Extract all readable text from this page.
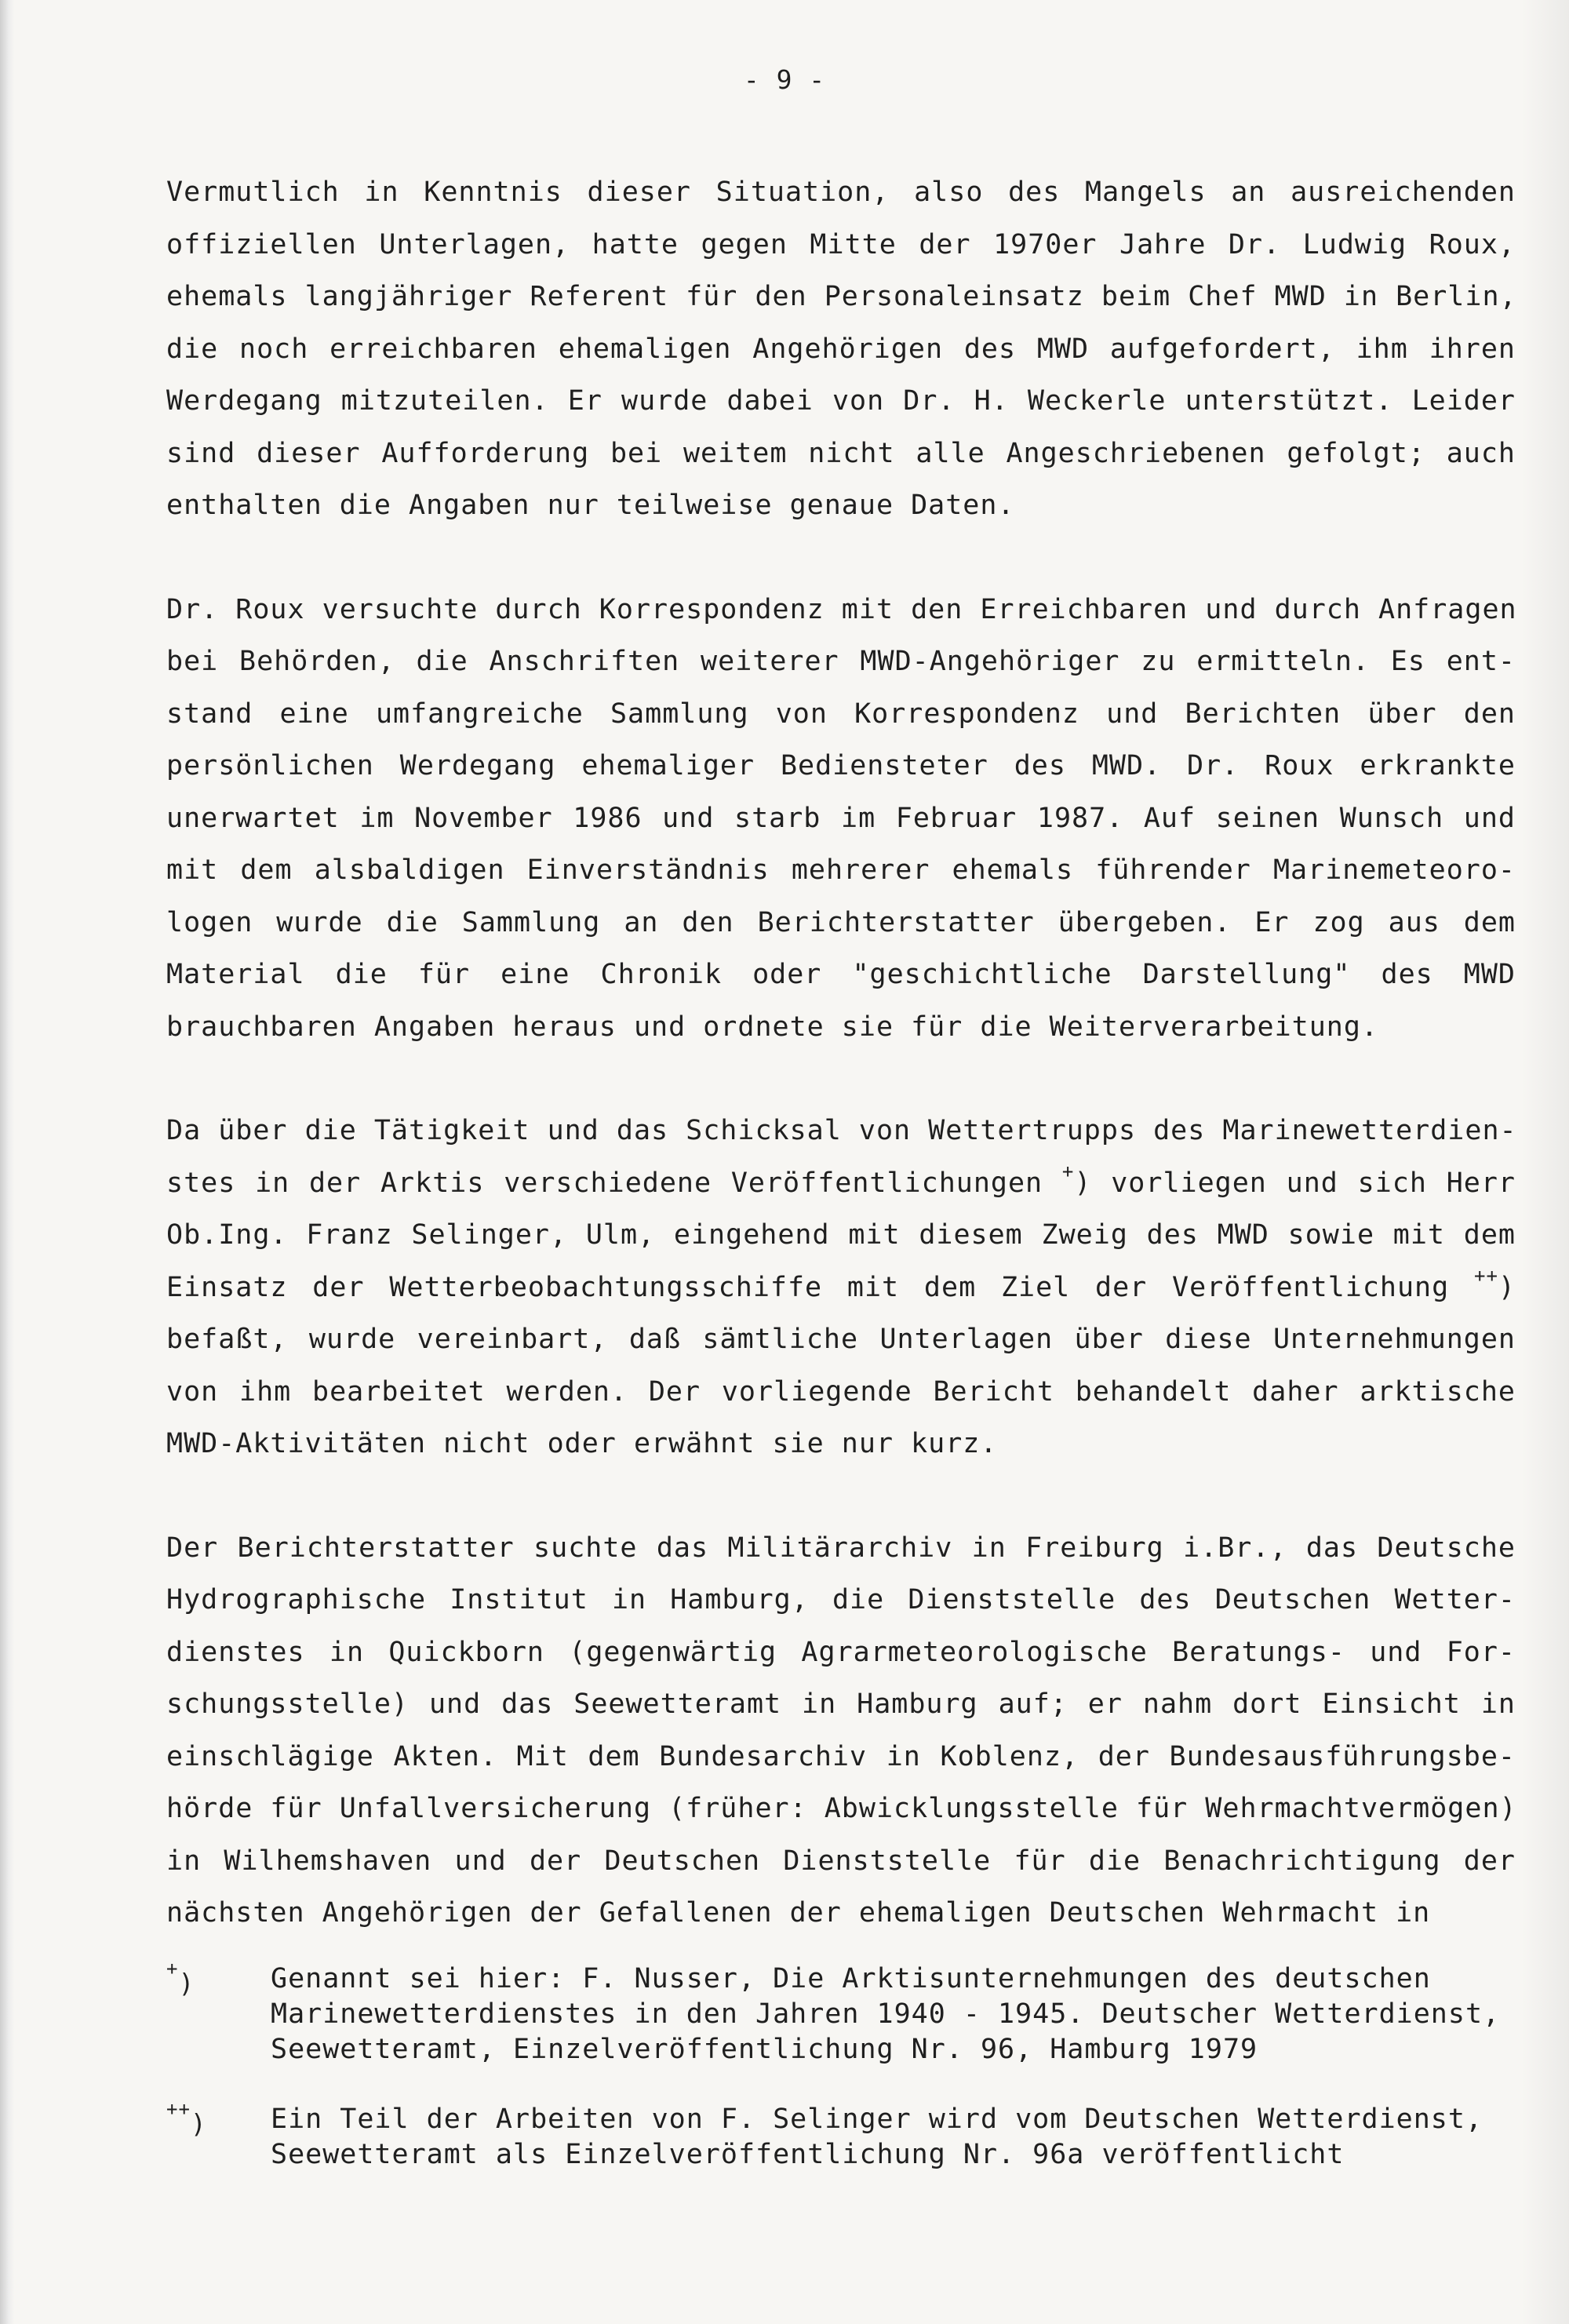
- 9 -
Vermutlich in Kenntnis dieser Situation, also des Mangels an ausreichenden
offiziellen Unterlagen, hatte gegen Mitte der 1970er Jahre Dr. Ludwig Roux,
ehemals langjähriger Referent für den Personaleinsatz beim Chef MWD in Berlin,
die noch erreichbaren ehemaligen Angehörigen des MWD aufgefordert, ihm ihren
Werdegang mitzuteilen. Er wurde dabei von Dr. H. Weckerle unterstützt. Leider
sind dieser Aufforderung bei weitem nicht alle Angeschriebenen gefolgt; auch
enthalten die Angaben nur teilweise genaue Daten.
Dr. Roux versuchte durch Korrespondenz mit den Erreichbaren und durch Anfragen
bei Behörden, die Anschriften weiterer MWD-Angehöriger zu ermitteln. Es ent-
stand eine umfangreiche Sammlung von Korrespondenz und Berichten über den
persönlichen Werdegang ehemaliger Bediensteter des MWD. Dr. Roux erkrankte
unerwartet im November 1986 und starb im Februar 1987. Auf seinen Wunsch und
mit dem alsbaldigen Einverständnis mehrerer ehemals führender Marinemeteoro-
logen wurde die Sammlung an den Berichterstatter übergeben. Er zog aus dem
Material die für eine Chronik oder "geschichtliche Darstellung" des MWD
brauchbaren Angaben heraus und ordnete sie für die Weiterverarbeitung.
Da über die Tätigkeit und das Schicksal von Wettertrupps des Marinewetterdien-
stes in der Arktis verschiedene Veröffentlichungen +) vorliegen und sich Herr
Ob.Ing. Franz Selinger, Ulm, eingehend mit diesem Zweig des MWD sowie mit dem
Einsatz der Wetterbeobachtungsschiffe mit dem Ziel der Veröffentlichung ++)
befaßt, wurde vereinbart, daß sämtliche Unterlagen über diese Unternehmungen
von ihm bearbeitet werden. Der vorliegende Bericht behandelt daher arktische
MWD-Aktivitäten nicht oder erwähnt sie nur kurz.
Der Berichterstatter suchte das Militärarchiv in Freiburg i.Br., das Deutsche
Hydrographische Institut in Hamburg, die Dienststelle des Deutschen Wetter-
dienstes in Quickborn (gegenwärtig Agrarmeteorologische Beratungs- und For-
schungsstelle) und das Seewetteramt in Hamburg auf; er nahm dort Einsicht in
einschlägige Akten. Mit dem Bundesarchiv in Koblenz, der Bundesausführungsbe-
hörde für Unfallversicherung (früher: Abwicklungsstelle für Wehrmachtvermögen)
in Wilhemshaven und der Deutschen Dienststelle für die Benachrichtigung der
nächsten Angehörigen der Gefallenen der ehemaligen Deutschen Wehrmacht in
+)	Genannt sei hier: F. Nusser, Die Arktisunternehmungen des deutschen
Marinewetterdienstes in den Jahren 1940 - 1945. Deutscher Wetterdienst,
Seewetteramt, Einzelveröffentlichung Nr. 96, Hamburg 1979
++)	Ein Teil der Arbeiten von F. Selinger wird vom Deutschen Wetterdienst,
Seewetteramt als Einzelveröffentlichung Nr. 96a veröffentlicht
